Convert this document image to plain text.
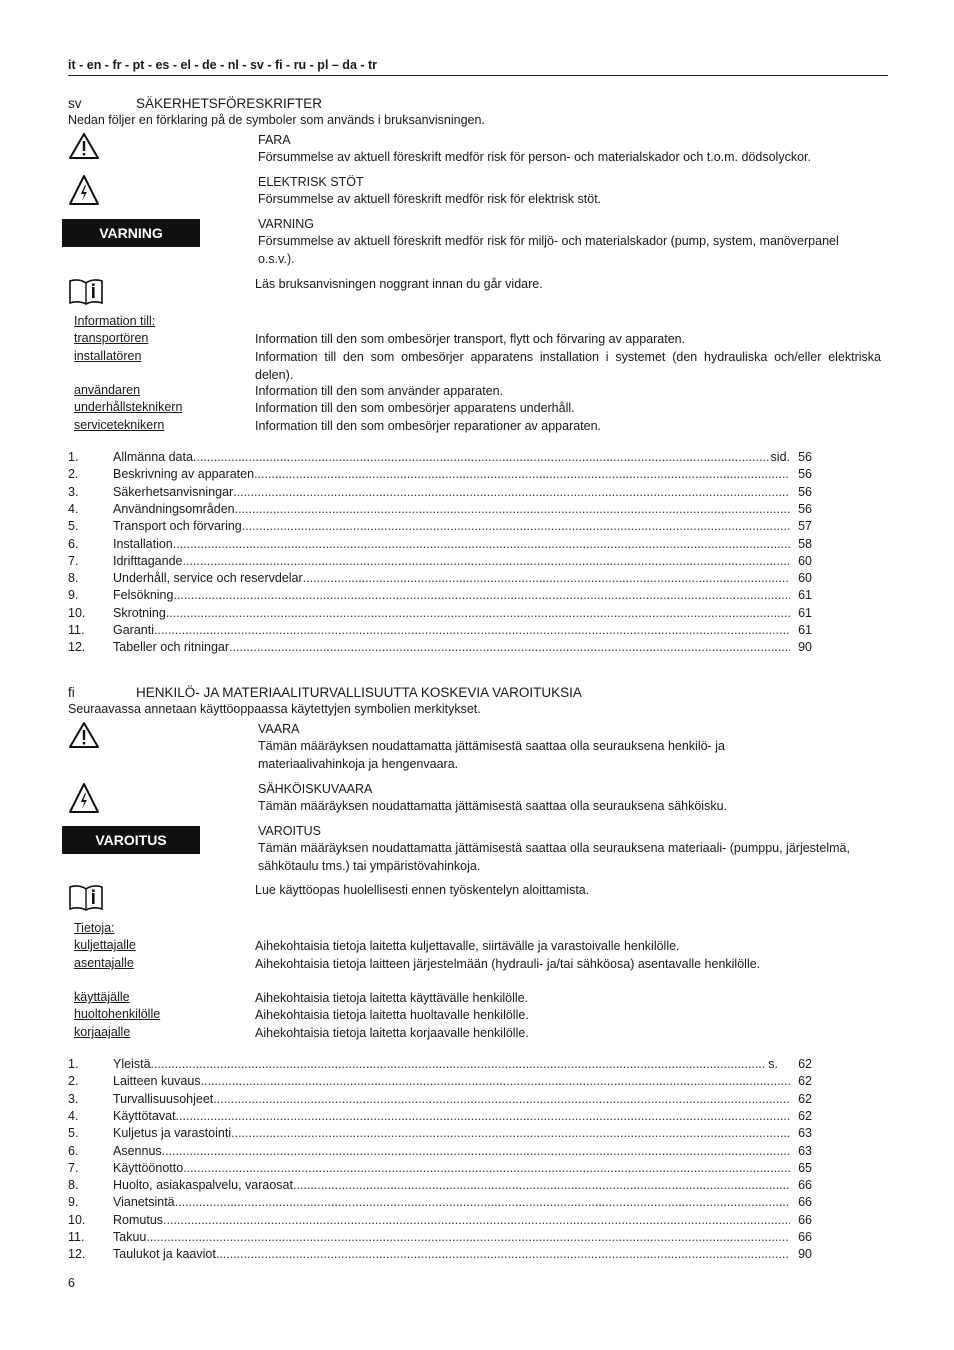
it - en - fr - pt - es - el - de - nl - sv - fi - ru - pl – da - tr
sv	SÄKERHETSFÖRESKRIFTER
Nedan följer en förklaring på de symboler som används i bruksanvisningen.
FARA
Försummelse av aktuell föreskrift medför risk för person- och materialskador och t.o.m. dödsolyckor.
ELEKTRISK STÖT
Försummelse av aktuell föreskrift medför risk för elektrisk stöt.
VARNING
VARNING
Försummelse av aktuell föreskrift medför risk för miljö- och materialskador (pump, system, manöverpanel o.s.v.).
Läs bruksanvisningen noggrant innan du går vidare.
Information till:
transportören	Information till den som ombesörjer transport, flytt och förvaring av apparaten.
installatören	Information till den som ombesörjer apparatens installation i systemet (den hydrauliska och/eller elektriska delen).
användaren	Information till den som använder apparaten.
underhållsteknikern	Information till den som ombesörjer apparatens underhåll.
serviceteknikern	Information till den som ombesörjer reparationer av apparaten.
1.	Allmänna data .....	sid. 56
2.	Beskrivning av apparaten .....	56
3.	Säkerhetsanvisningar .....	56
4.	Användningsområden .....	56
5.	Transport och förvaring .....	57
6.	Installation .....	58
7.	Idrifttagande .....	60
8.	Underhåll, service och reservdelar .....	60
9.	Felsökning .....	61
10.	Skrotning .....	61
11.	Garanti .....	61
12.	Tabeller och ritningar .....	90
fi	HENKILÖ- JA MATERIAALITURVALLISUUTTA KOSKEVIA VAROITUKSIA
Seuraavassa annetaan käyttöoppaassa käytettyjen symbolien merkitykset.
VAARA
Tämän määräyksen noudattamatta jättämisestä saattaa olla seurauksena henkilö- ja materiaalivahinkoja ja hengenvaara.
SÄHKÖISKUVAARA
Tämän määräyksen noudattamatta jättämisestä saattaa olla seurauksena sähköisku.
VAROITUS
VAROITUS
Tämän määräyksen noudattamatta jättämisestä saattaa olla seurauksena materiaali- (pumppu, järjestelmä, sähkötaulu tms.) tai ympäristövahinkoja.
Lue käyttöopas huolellisesti ennen työskentelyn aloittamista.
Tietoja:
kuljettajalle	Aihekohtaisia tietoja laitetta kuljettavalle, siirtävälle ja varastoivalle henkilölle.
asentajalle	Aihekohtaisia tietoja laitteen järjestelmään (hydrauli- ja/tai sähköosa) asentavalle henkilölle.
käyttäjälle	Aihekohtaisia tietoja laitetta käyttävälle henkilölle.
huoltohenkilölle	Aihekohtaisia tietoja laitetta huoltavalle henkilölle.
korjaajalle	Aihekohtaisia tietoja laitetta korjaavalle henkilölle.
1.	Yleistä .....	s.	62
2.	Laitteen kuvaus .....	62
3.	Turvallisuusohjeet .....	62
4.	Käyttötavat .....	62
5.	Kuljetus ja varastointi .....	63
6.	Asennus .....	63
7.	Käyttöönotto .....	65
8.	Huolto, asiakaspalvelu, varaosat .....	66
9.	Vianetsintä .....	66
10.	Romutus .....	66
11.	Takuu .....	66
12.	Taulukot ja kaaviot .....	90
6
